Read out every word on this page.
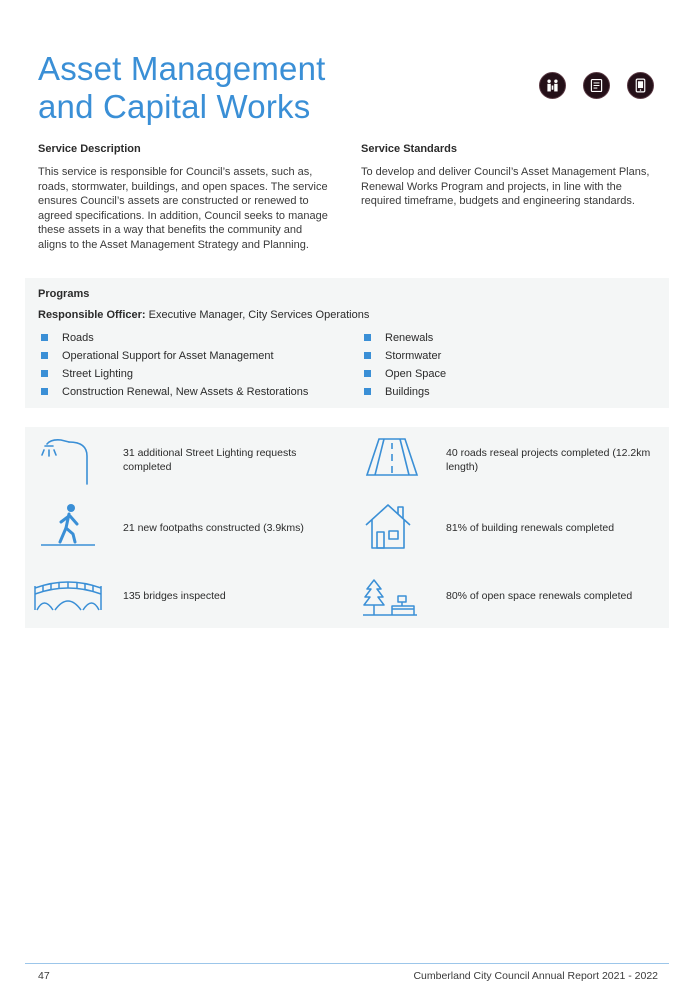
Asset Management
and Capital Works
Service Description

This service is responsible for Council’s assets, such as, roads, stormwater, buildings, and open spaces. The service ensures Council’s assets are constructed or renewed to agreed specifications. In addition, Council seeks to manage these assets in a way that benefits the community and aligns to the Asset Management Strategy and Planning.

Service Standards

To develop and deliver Council’s Asset Management Plans, Renewal Works Program and projects, in line with the required timeframe, budgets and engineering standards.

Programs
Responsible Officer: Executive Manager, City Services Operations
Roads
Operational Support for Asset Management
Street Lighting
Construction Renewal, New Assets & Restorations
Renewals
Stormwater
Open Space
Buildings
31 additional Street Lighting requests completed
40 roads reseal projects completed (12.2km length)
21 new footpaths constructed (3.9kms)	81% of building renewals completed
135 bridges inspected	80% of open space renewals completed
47	Cumberland City Council Annual Report 2021 - 2022
